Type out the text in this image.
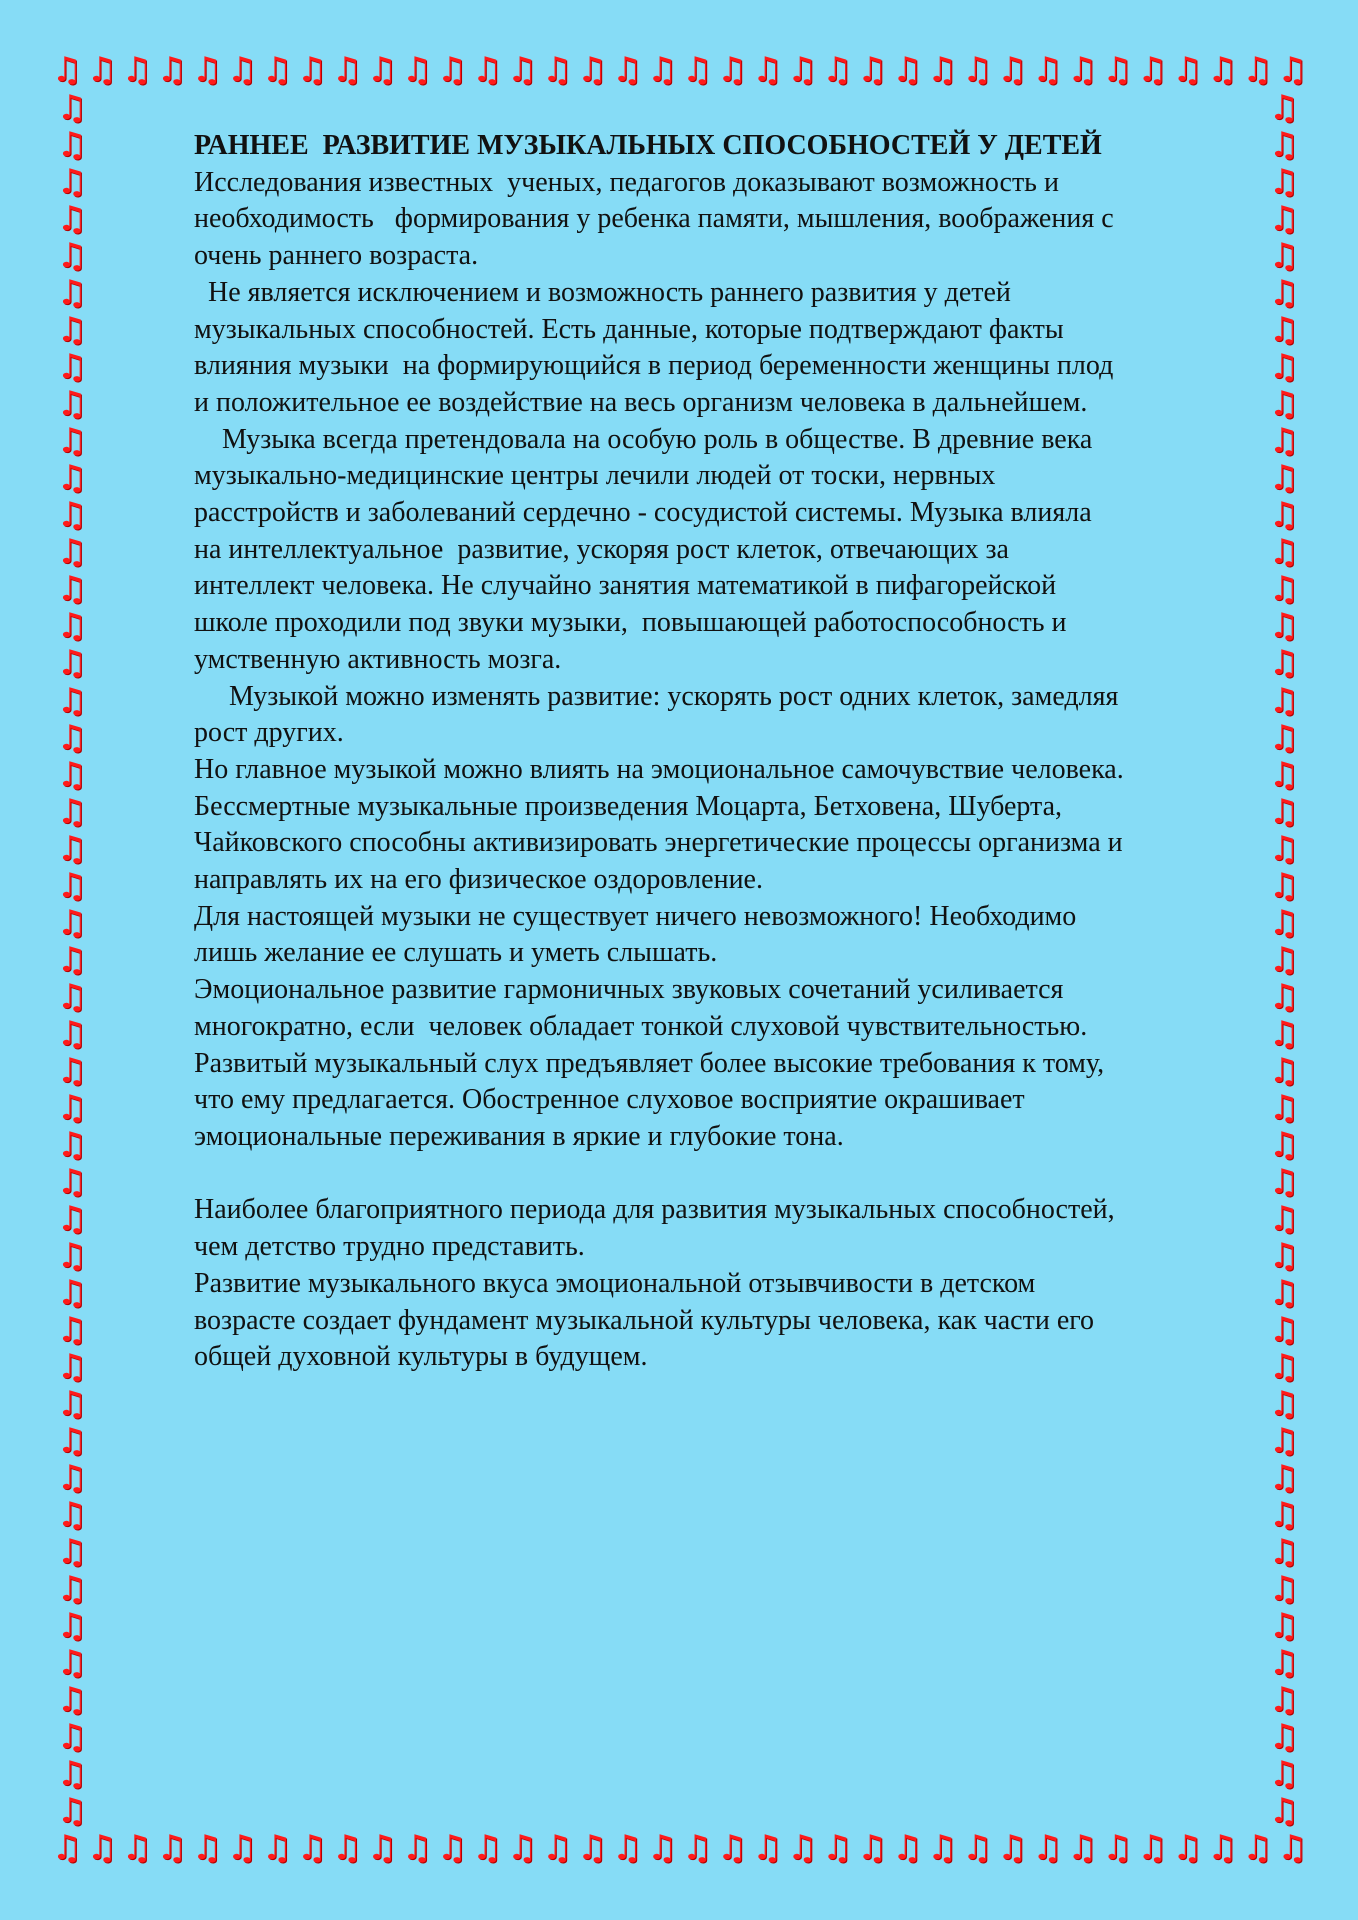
♫ ♫ ♫ ♫ ♫ ♫ ♫ ♫ ♫ ♫ ♫ ♫ ♫ ♫ ♫ ♫ ♫ ♫ ♫ ♫ ♫ ♫ ♫ ♫ ♫ ♫ ♫ ♫ ♫ ♫ ♫ ♫ ♫ ♫ ♫ ♫
♫ ♫ ♫ ♫ ♫ ♫ ♫ ♫ ♫ ♫ ♫ ♫ ♫ ♫ ♫ ♫ ♫ ♫ ♫ ♫ ♫ ♫ ♫ ♫ ♫ ♫ ♫ ♫ ♫ ♫ ♫ ♫ ♫ ♫ ♫ ♫
♫
♫
♫
♫
♫
♫
♫
♫
♫
♫
♫
♫
♫
♫
♫
♫
♫
♫
♫
♫
♫
♫
♫
♫
♫
♫
♫
♫
♫
♫
♫
♫
♫
♫
♫
♫
♫
♫
♫
♫
♫
♫
♫
♫
♫
♫
♫
♫
♫
♫
♫
♫
♫
♫
♫
♫
♫
♫
♫
♫
♫
♫
♫
♫
♫
♫
♫
♫
♫
♫
♫
♫
♫
♫
♫
♫
♫
♫
♫
♫
♫
♫
♫
♫
♫
♫
♫
♫
♫
♫
♫
♫
♫
♫
РАННЕЕ  РАЗВИТИЕ МУЗЫКАЛЬНЫХ СПОСОБНОСТЕЙ У ДЕТЕЙ

Исследования известных  ученых, педагогов доказывают возможность и

необходимость   формирования у ребенка памяти, мышления, воображения с

очень раннего возраста.

Не является исключением и возможность раннего развития у детей

музыкальных способностей. Есть данные, которые подтверждают факты

влияния музыки  на формирующийся в период беременности женщины плод

и положительное ее воздействие на весь организм человека в дальнейшем.

Музыка всегда претендовала на особую роль в обществе. В древние века

музыкально-медицинские центры лечили людей от тоски, нервных

расстройств и заболеваний сердечно - сосудистой системы. Музыка влияла

на интеллектуальное  развитие, ускоряя рост клеток, отвечающих за

интеллект человека. Не случайно занятия математикой в пифагорейской

школе проходили под звуки музыки,  повышающей работоспособность и

умственную активность мозга.

Музыкой можно изменять развитие: ускорять рост одних клеток, замедляя

рост других.

Но главное музыкой можно влиять на эмоциональное самочувствие человека.

Бессмертные музыкальные произведения Моцарта, Бетховена, Шуберта,

Чайковского способны активизировать энергетические процессы организма и

направлять их на его физическое оздоровление.

Для настоящей музыки не существует ничего невозможного! Необходимо

лишь желание ее слушать и уметь слышать.

Эмоциональное развитие гармоничных звуковых сочетаний усиливается

многократно, если  человек обладает тонкой слуховой чувствительностью.

Развитый музыкальный слух предъявляет более высокие требования к тому,

что ему предлагается. Обостренное слуховое восприятие окрашивает

эмоциональные переживания в яркие и глубокие тона.

Наиболее благоприятного периода для развития музыкальных способностей,

чем детство трудно представить.

Развитие музыкального вкуса эмоциональной отзывчивости в детском

возрасте создает фундамент музыкальной культуры человека, как части его

общей духовной культуры в будущем.
